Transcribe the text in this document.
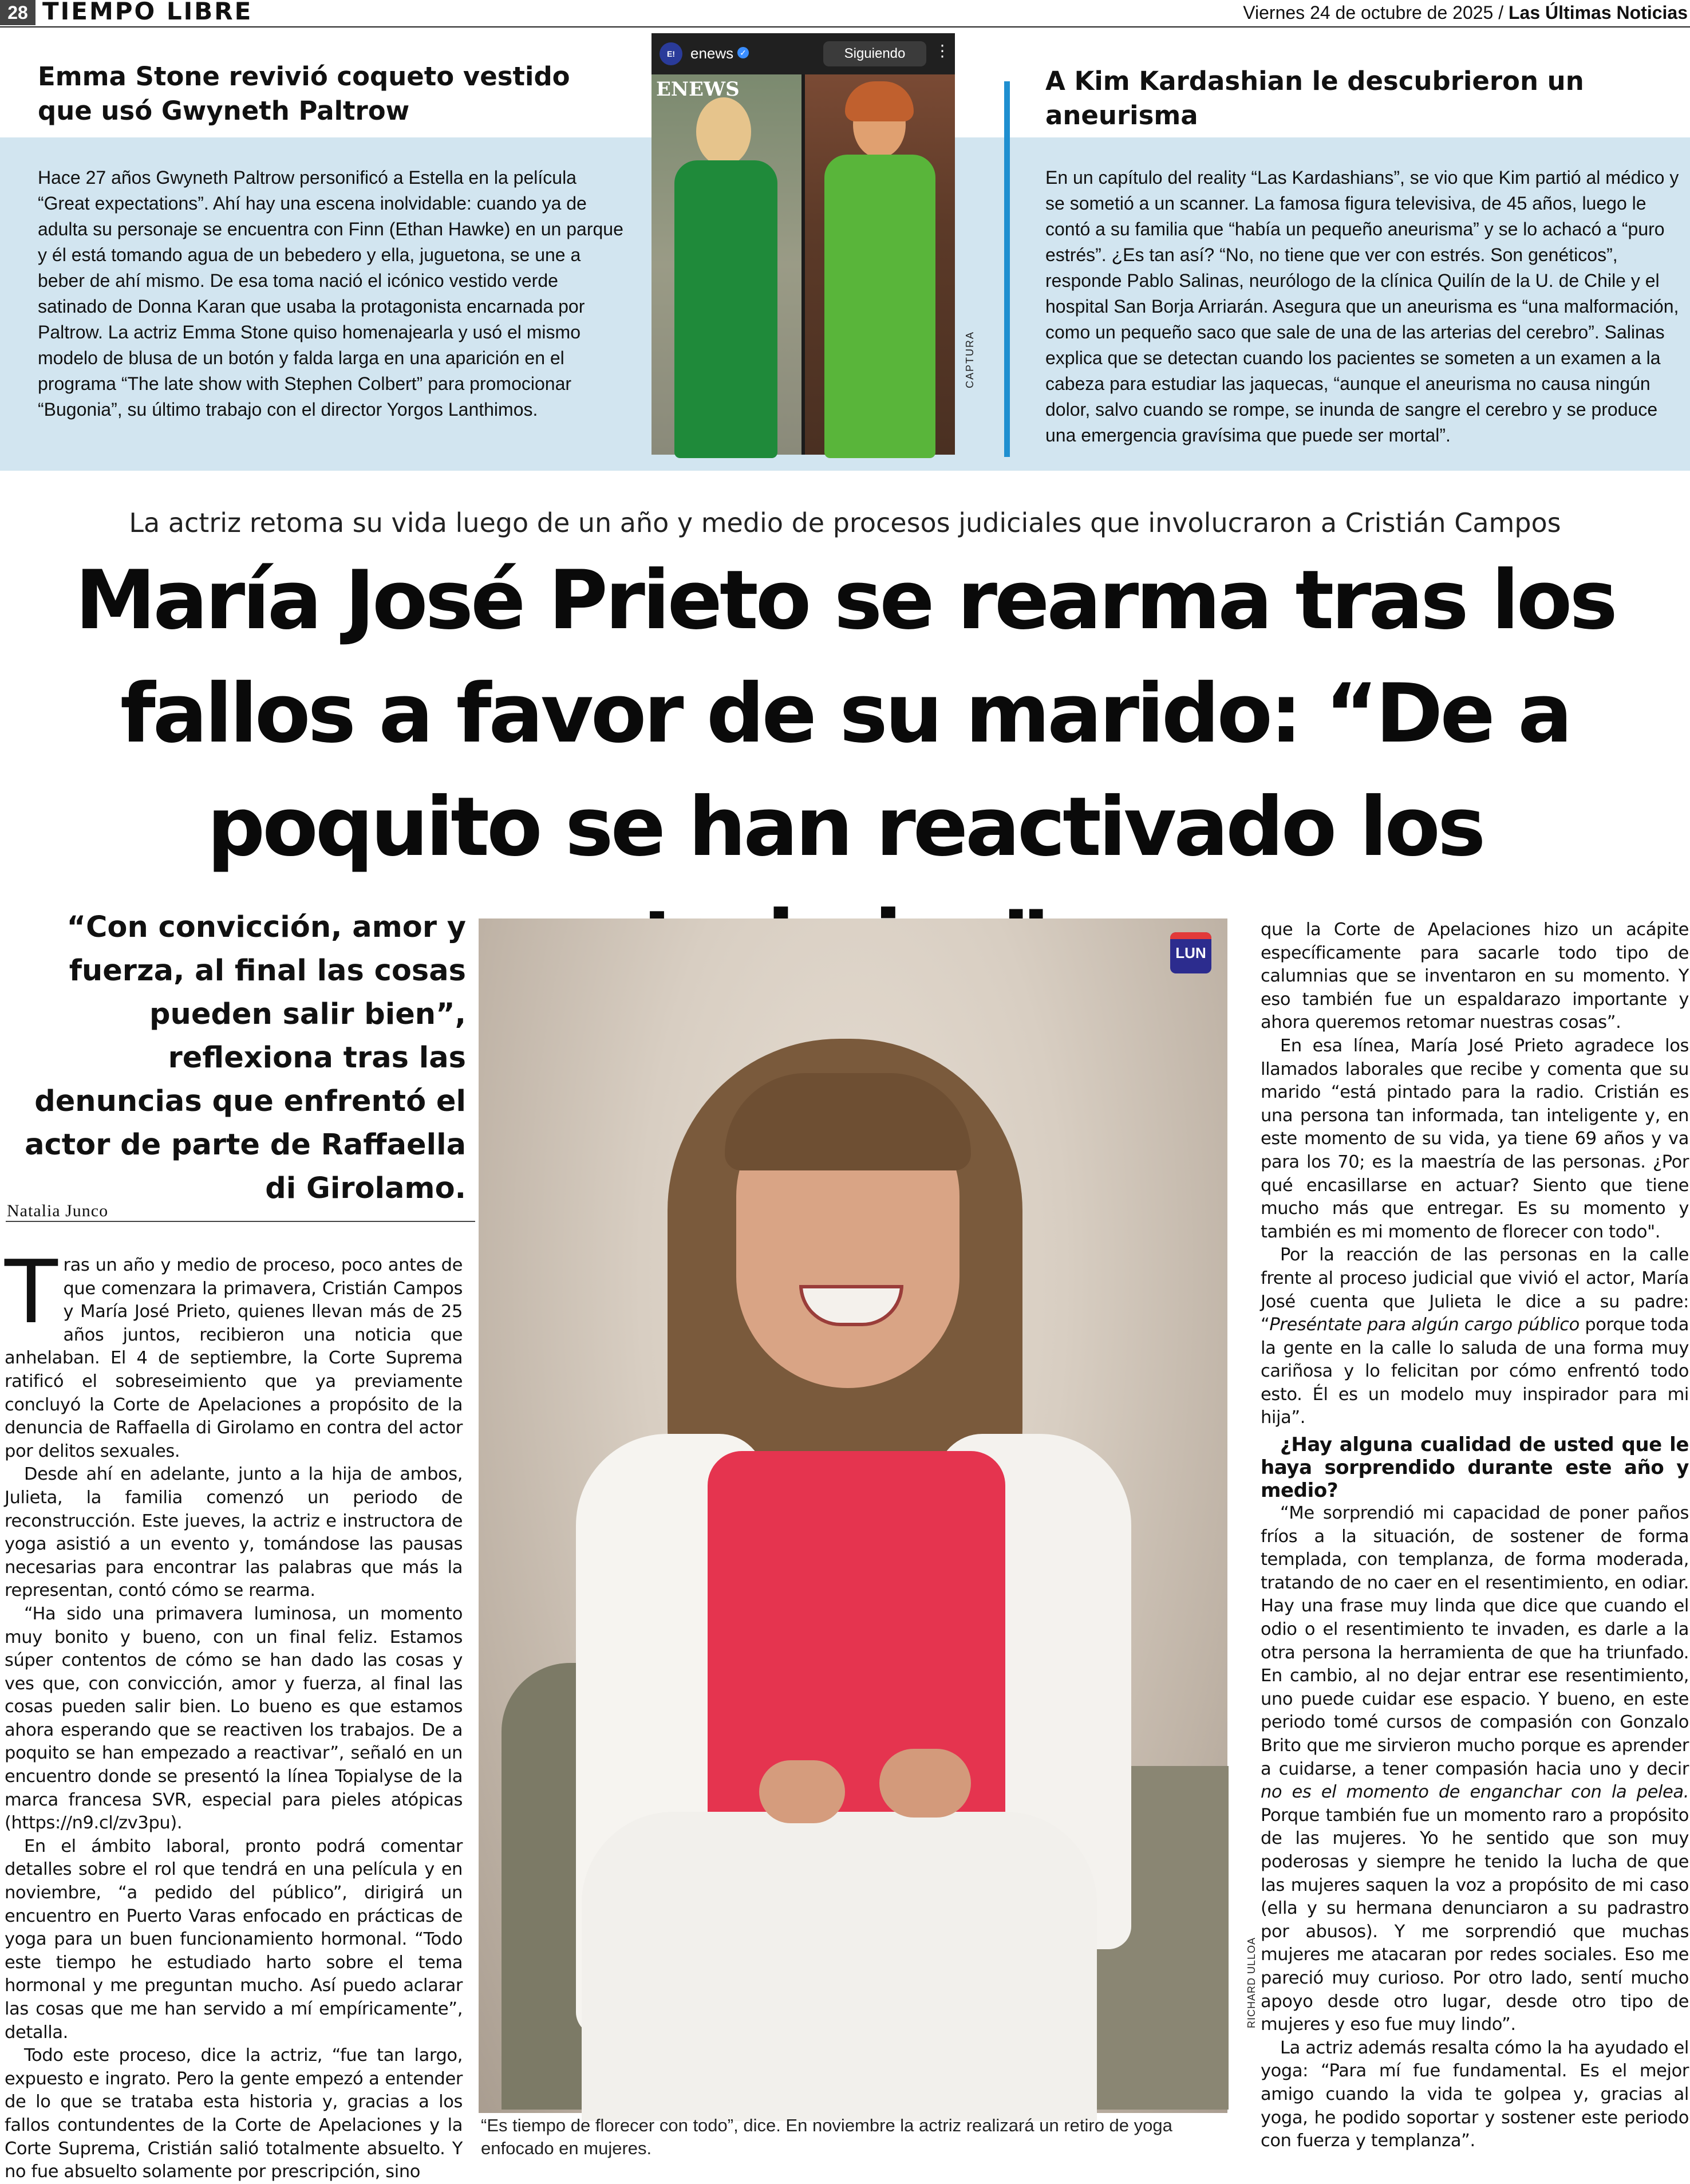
28 TIEMPO LIBRE	Viernes 24 de octubre de 2025 / Las Últimas Noticias
Emma Stone revivió coqueto vestido que usó Gwyneth Paltrow
Hace 27 años Gwyneth Paltrow personificó a Estella en la película “Great expectations”. Ahí hay una escena inolvidable: cuando ya de adulta su personaje se encuentra con Finn (Ethan Hawke) en un parque y él está tomando agua de un bebedero y ella, juguetona, se une a beber de ahí mismo. De esa toma nació el icónico vestido verde satinado de Donna Karan que usaba la protagonista encarnada por Paltrow. La actriz Emma Stone quiso homenajearla y usó el mismo modelo de blusa de un botón y falda larga en una aparición en el programa “The late show with Stephen Colbert” para promocionar “Bugonia”, su último trabajo con el director Yorgos Lanthimos.
E!	enews ✓	Siguiendo	⋮
ENEWS
CAPTURA
A Kim Kardashian le descubrieron un aneurisma
En un capítulo del reality “Las Kardashians”, se vio que Kim partió al médico y se sometió a un scanner. La famosa figura televisiva, de 45 años, luego le contó a su familia que “había un pequeño aneurisma” y se lo achacó a “puro estrés”. ¿Es tan así? “No, no tiene que ver con estrés. Son genéticos”, responde Pablo Salinas, neurólogo de la clínica Quilín de la U. de Chile y el hospital San Borja Arriarán. Asegura que un aneurisma es “una malformación, como un pequeño saco que sale de una de las arterias del cerebro”. Salinas explica que se detectan cuando los pacientes se someten a un examen a la cabeza para estudiar las jaquecas, “aunque el aneurisma no causa ningún dolor, salvo cuando se rompe, se inunda de sangre el cerebro y se produce una emergencia gravísima que puede ser mortal”.
La actriz retoma su vida luego de un año y medio de procesos judiciales que involucraron a Cristián Campos
María José Prieto se rearma tras los fallos a favor de su marido: “De a poquito se han reactivado los
“Con convicción, amor y fuerza, al final las cosas pueden salir bien”, reflexiona tras las denuncias que enfrentó el actor de parte de Raffaella di Girolamo.
Natalia Junco
T ras un año y medio de proceso, poco antes de que comenzara la primavera, Cristián Campos y María José Prieto, quienes llevan más de 25 años juntos, recibieron una noticia que anhelaban. El 4 de septiembre, la Corte Suprema ratificó el sobreseimiento que ya previamente concluyó la Corte de Apelaciones a propósito de la denuncia de Raffaella di Girolamo en contra del actor por delitos sexuales.

Desde ahí en adelante, junto a la hija de ambos, Julieta, la familia comenzó un periodo de reconstrucción. Este jueves, la actriz e instructora de yoga asistió a un evento y, tomándose las pausas necesarias para encontrar las palabras que más la representan, contó cómo se rearma.

“Ha sido una primavera luminosa, un momento muy bonito y bueno, con un final feliz. Estamos súper contentos de cómo se han dado las cosas y ves que, con convicción, amor y fuerza, al final las cosas pueden salir bien. Lo bueno es que estamos ahora esperando que se reactiven los trabajos. De a poquito se han empezado a reactivar”, señaló en un encuentro donde se presentó la línea Topialyse de la marca francesa SVR, especial para pieles atópicas (https://n9.cl/zv3pu).

En el ámbito laboral, pronto podrá comentar detalles sobre el rol que tendrá en una película y en noviembre, “a pedido del público”, dirigirá un encuentro en Puerto Varas enfocado en prácticas de yoga para un buen funcionamiento hormonal. “Todo este tiempo he estudiado harto sobre el tema hormonal y me preguntan mucho. Así puedo aclarar las cosas que me han servido a mí empíricamente”, detalla.

Todo este proceso, dice la actriz, “fue tan largo, expuesto e ingrato. Pero la gente empezó a entender de lo que se trataba esta historia y, gracias a los fallos contundentes de la Corte de Apelaciones y la Corte Suprema, Cristián salió totalmente absuelto. Y no fue absuelto solamente por prescripción, sino

LUN
RICHARD ULLOA
“Es tiempo de florecer con todo”, dice. En noviembre la actriz realizará un retiro de yoga enfocado en mujeres.

que la Corte de Apelaciones hizo un acápite específicamente para sacarle todo tipo de calumnias que se inventaron en su momento. Y eso también fue un espaldarazo importante y ahora queremos retomar nuestras cosas”.

En esa línea, María José Prieto agradece los llamados laborales que recibe y comenta que su marido “está pintado para la radio. Cristián es una persona tan informada, tan inteligente y, en este momento de su vida, ya tiene 69 años y va para los 70; es la maestría de las personas. ¿Por qué encasillarse en actuar? Siento que tiene mucho más que entregar. Es su momento y también es mi momento de florecer con todo".

Por la reacción de las personas en la calle frente al proceso judicial que vivió el actor, María José cuenta que Julieta le dice a su padre: “Preséntate para algún cargo público porque toda la gente en la calle lo saluda de una forma muy cariñosa y lo felicitan por cómo enfrentó todo esto. Él es un modelo muy inspirador para mi hija”.

¿Hay alguna cualidad de usted que le haya sorprendido durante este año y medio?

“Me sorprendió mi capacidad de poner paños fríos a la situación, de sostener de forma templada, con templanza, de forma moderada, tratando de no caer en el resentimiento, en odiar. Hay una frase muy linda que dice que cuando el odio o el resentimiento te invaden, es darle a la otra persona la herramienta de que ha triunfado. En cambio, al no dejar entrar ese resentimiento, uno puede cuidar ese espacio. Y bueno, en este periodo tomé cursos de compasión con Gonzalo Brito que me sirvieron mucho porque es aprender a cuidarse, a tener compasión hacia uno y decir no es el momento de enganchar con la pelea. Porque también fue un momento raro a propósito de las mujeres. Yo he sentido que son muy poderosas y siempre he tenido la lucha de que las mujeres saquen la voz a propósito de mi caso (ella y su hermana denunciaron a su padrastro por abusos). Y me sorprendió que muchas mujeres me atacaran por redes sociales. Eso me pareció muy curioso. Por otro lado, sentí mucho apoyo desde otro lugar, desde otro tipo de mujeres y eso fue muy lindo”.

La actriz además resalta cómo la ha ayudado el yoga: “Para mí fue fundamental. Es el mejor amigo cuando la vida te golpea y, gracias al yoga, he podido soportar y sostener este periodo con fuerza y templanza”.
